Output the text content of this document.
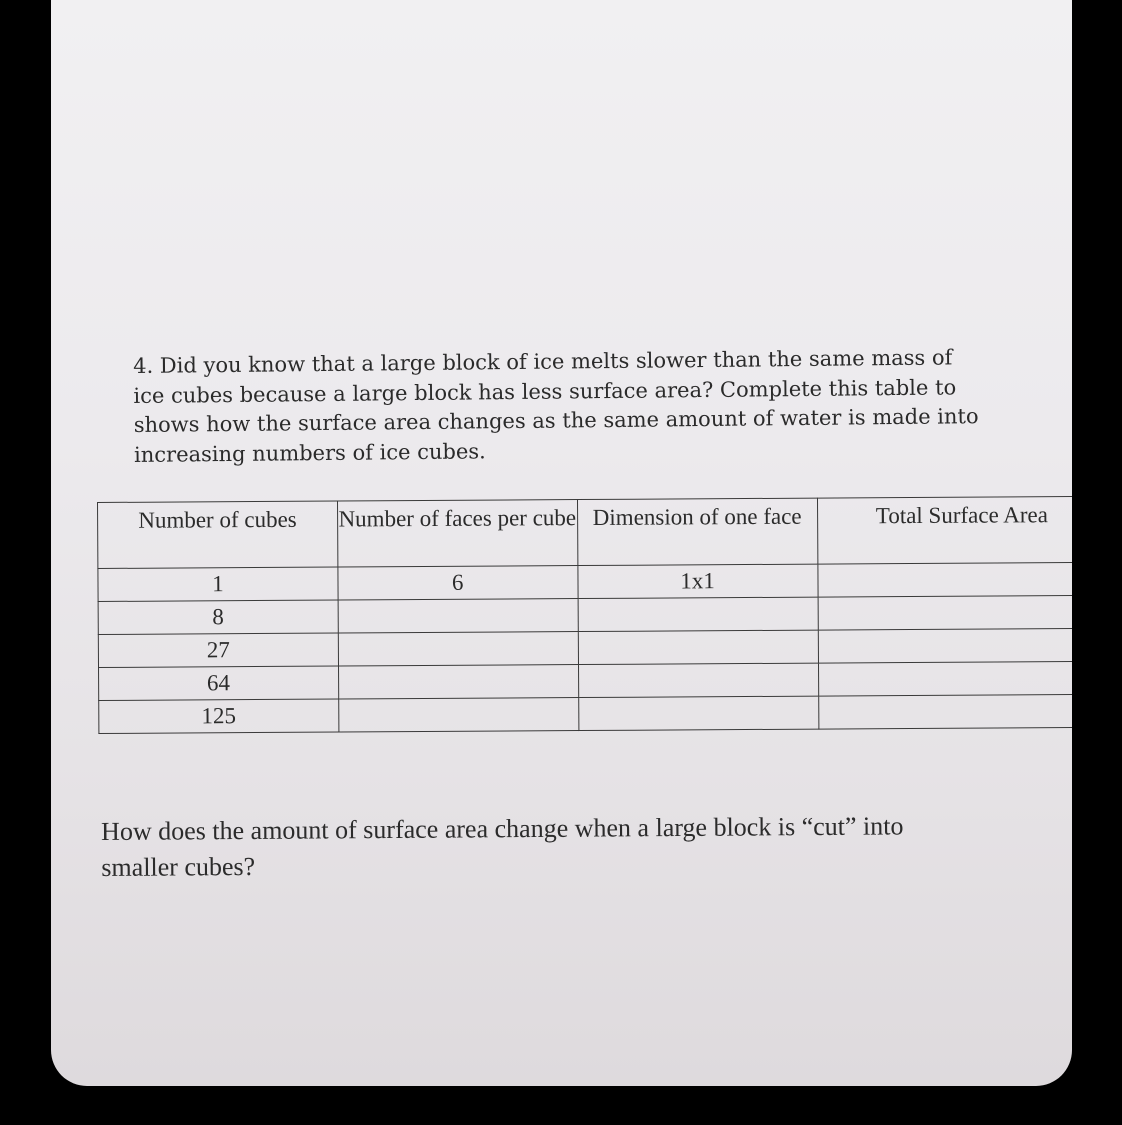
4. Did you know that a large block of ice melts slower than the same mass of ice cubes because a large block has less surface area? Complete this table to shows how the surface area changes as the same amount of water is made into increasing numbers of ice cubes.

Number of cubes	Number of faces per cube	Dimension of one face	Total Surface Area
1	6	1x1	
8			
27			
64			
125			

How does the amount of surface area change when a large block is “cut” into smaller cubes?
